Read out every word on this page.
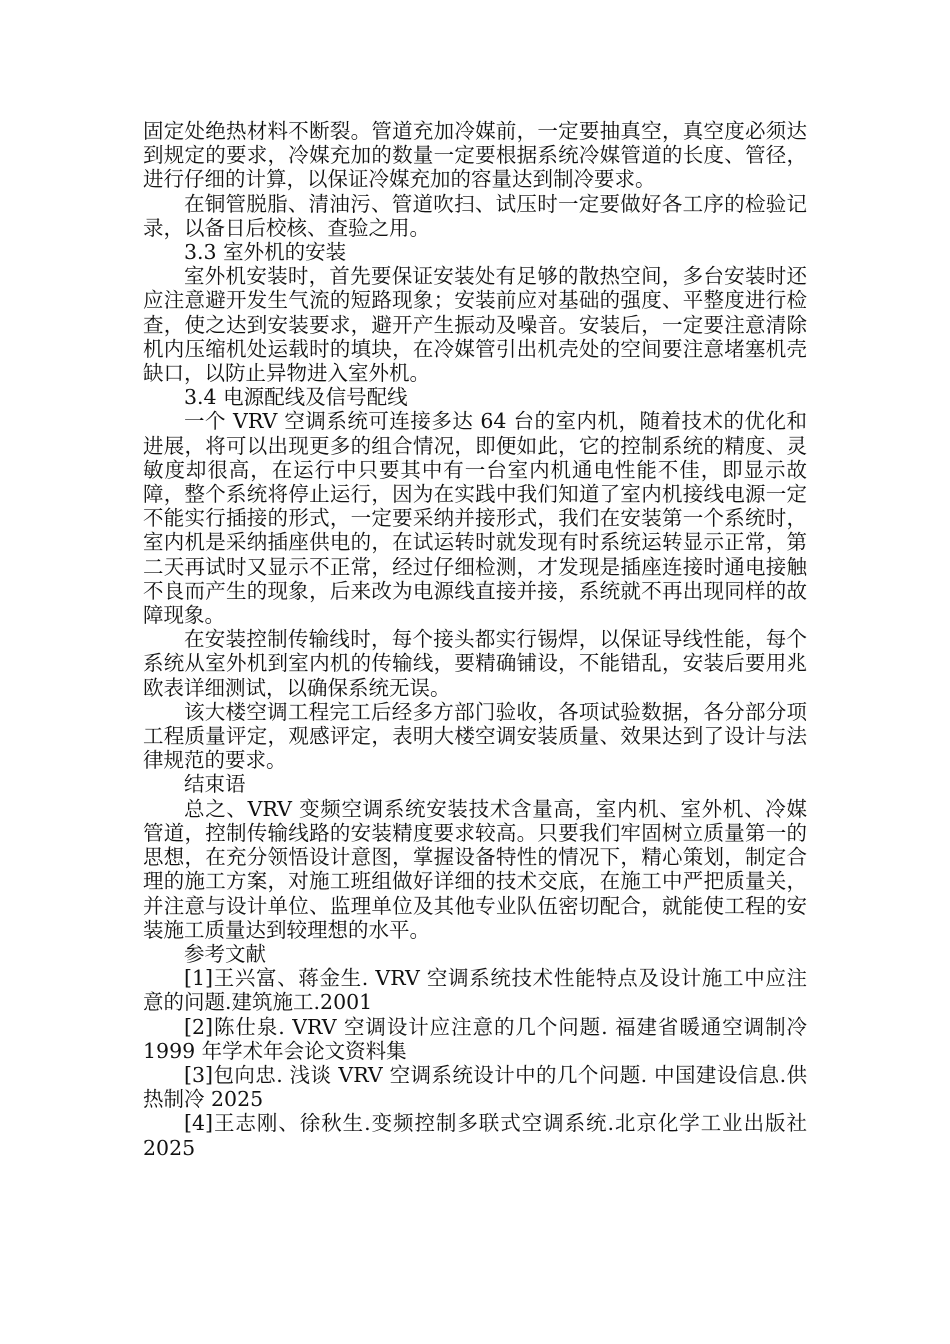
固定处绝热材料不断裂。管道充加冷媒前，一定要抽真空，真空度必须达到规定的要求，冷媒充加的数量一定要根据系统冷媒管道的长度、管径，进行仔细的计算，以保证冷媒充加的容量达到制冷要求。

在铜管脱脂、清油污、管道吹扫、试压时一定要做好各工序的检验记录，以备日后校核、查验之用。

3.3 室外机的安装

室外机安装时，首先要保证安装处有足够的散热空间，多台安装时还应注意避开发生气流的短路现象；安装前应对基础的强度、平整度进行检查，使之达到安装要求，避开产生振动及噪音。安装后，一定要注意清除机内压缩机处运载时的填块，在冷媒管引出机壳处的空间要注意堵塞机壳缺口，以防止异物进入室外机。

3.4 电源配线及信号配线

一个 VRV 空调系统可连接多达 64 台的室内机，随着技术的优化和进展，将可以出现更多的组合情况，即便如此，它的控制系统的精度、灵敏度却很高，在运行中只要其中有一台室内机通电性能不佳，即显示故障，整个系统将停止运行，因为在实践中我们知道了室内机接线电源一定不能实行插接的形式，一定要采纳并接形式，我们在安装第一个系统时，室内机是采纳插座供电的，在试运转时就发现有时系统运转显示正常，第二天再试时又显示不正常，经过仔细检测，才发现是插座连接时通电接触不良而产生的现象，后来改为电源线直接并接，系统就不再出现同样的故障现象。

在安装控制传输线时，每个接头都实行锡焊，以保证导线性能，每个系统从室外机到室内机的传输线，要精确铺设，不能错乱，安装后要用兆欧表详细测试，以确保系统无误。

该大楼空调工程完工后经多方部门验收，各项试验数据，各分部分项工程质量评定，观感评定，表明大楼空调安装质量、效果达到了设计与法律规范的要求。

结束语

总之、VRV 变频空调系统安装技术含量高，室内机、室外机、冷媒管道，控制传输线路的安装精度要求较高。只要我们牢固树立质量第一的思想，在充分领悟设计意图，掌握设备特性的情况下，精心策划，制定合理的施工方案，对施工班组做好详细的技术交底，在施工中严把质量关，并注意与设计单位、监理单位及其他专业队伍密切配合，就能使工程的安装施工质量达到较理想的水平。

参考文献

[1]王兴富、蒋金生. VRV 空调系统技术性能特点及设计施工中应注意的问题.建筑施工.2001

[2]陈仕泉. VRV 空调设计应注意的几个问题. 福建省暖通空调制冷 1999 年学术年会论文资料集

[3]包向忠. 浅谈 VRV 空调系统设计中的几个问题. 中国建设信息.供热制冷 2025

[4]王志刚、徐秋生.变频控制多联式空调系统.北京化学工业出版社 2025
